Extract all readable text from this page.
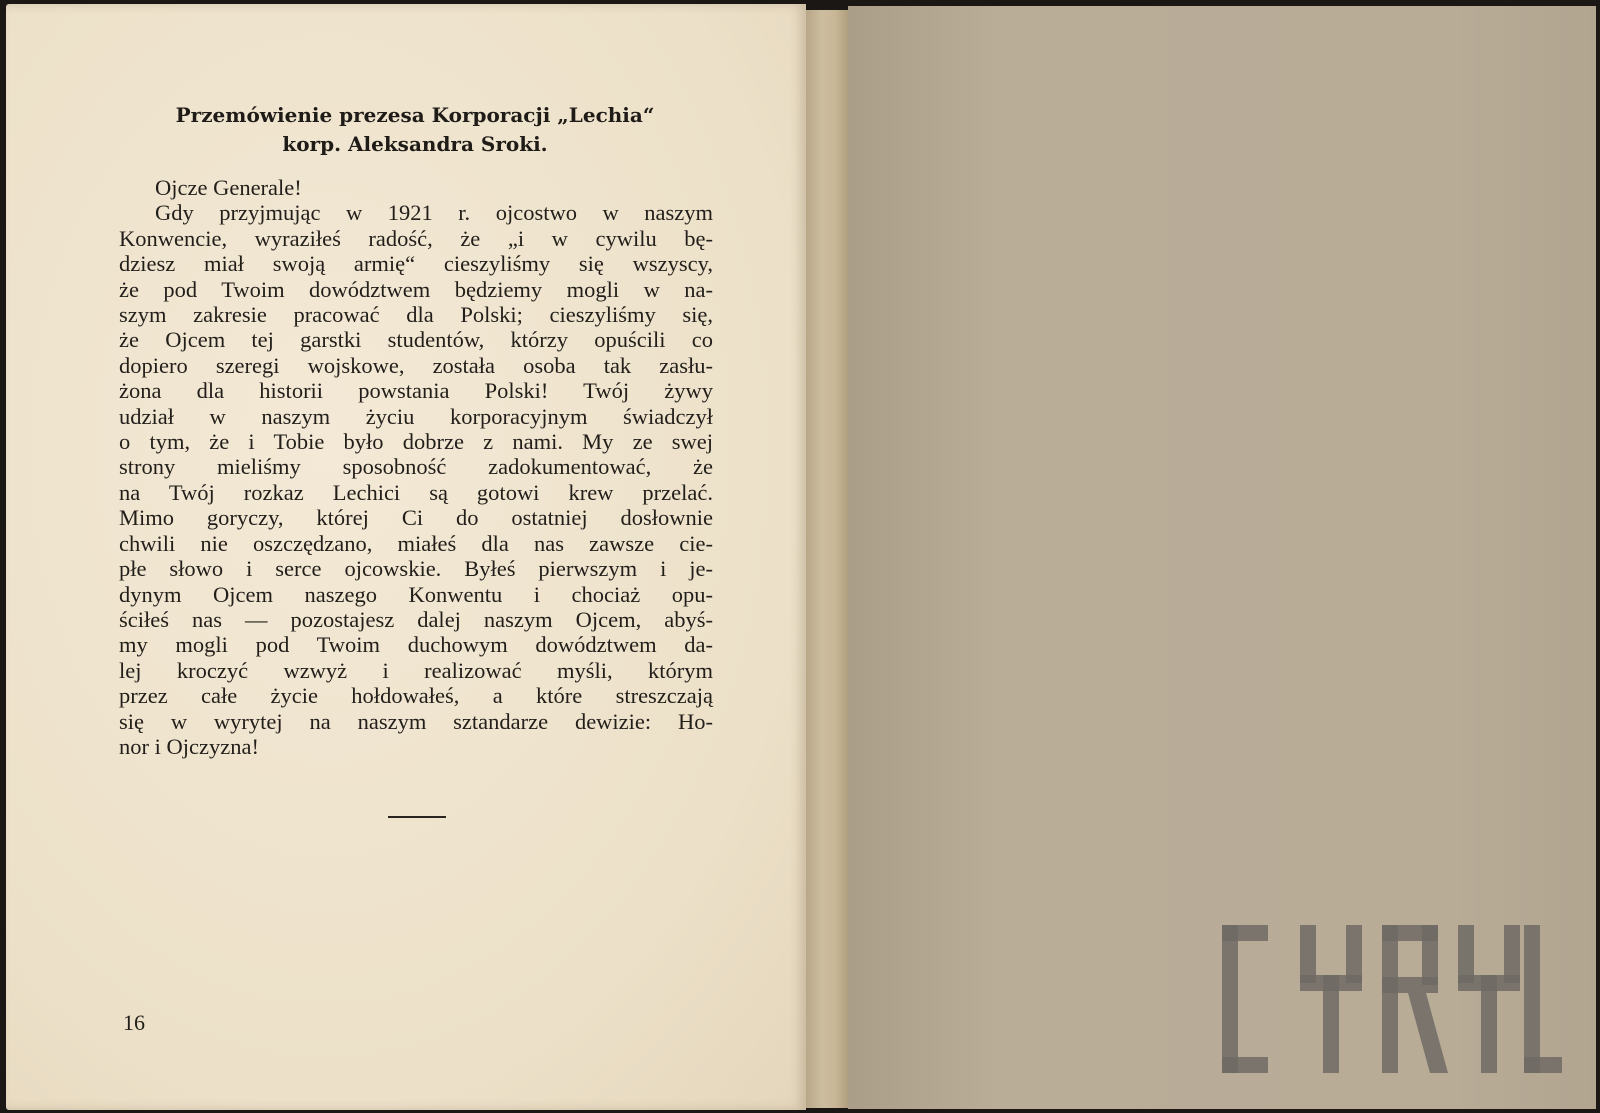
Przemówienie prezesa Korporacji „Lechia“
korp. Aleksandra Sroki.
Ojcze Generale!
Gdy przyjmując w 1921 r. ojcostwo w naszym
Konwencie, wyraziłeś radość, że „i w cywilu bę-
dziesz miał swoją armię“ cieszyliśmy się wszyscy,
że pod Twoim dowództwem będziemy mogli w na-
szym zakresie pracować dla Polski; cieszyliśmy się,
że Ojcem tej garstki studentów, którzy opuścili co
dopiero szeregi wojskowe, została osoba tak zasłu-
żona dla historii powstania Polski! Twój żywy
udział w naszym życiu korporacyjnym świadczył
o tym, że i Tobie było dobrze z nami. My ze swej
strony mieliśmy sposobność zadokumentować, że
na Twój rozkaz Lechici są gotowi krew przelać.
Mimo goryczy, której Ci do ostatniej dosłownie
chwili nie oszczędzano, miałeś dla nas zawsze cie-
płe słowo i serce ojcowskie. Byłeś pierwszym i je-
dynym Ojcem naszego Konwentu i chociaż opu-
ściłeś nas — pozostajesz dalej naszym Ojcem, abyś-
my mogli pod Twoim duchowym dowództwem da-
lej kroczyć wzwyż i realizować myśli, którym
przez całe życie hołdowałeś, a które streszczają
się w wyrytej na naszym sztandarze dewizie: Ho-
nor i Ojczyzna!
16
